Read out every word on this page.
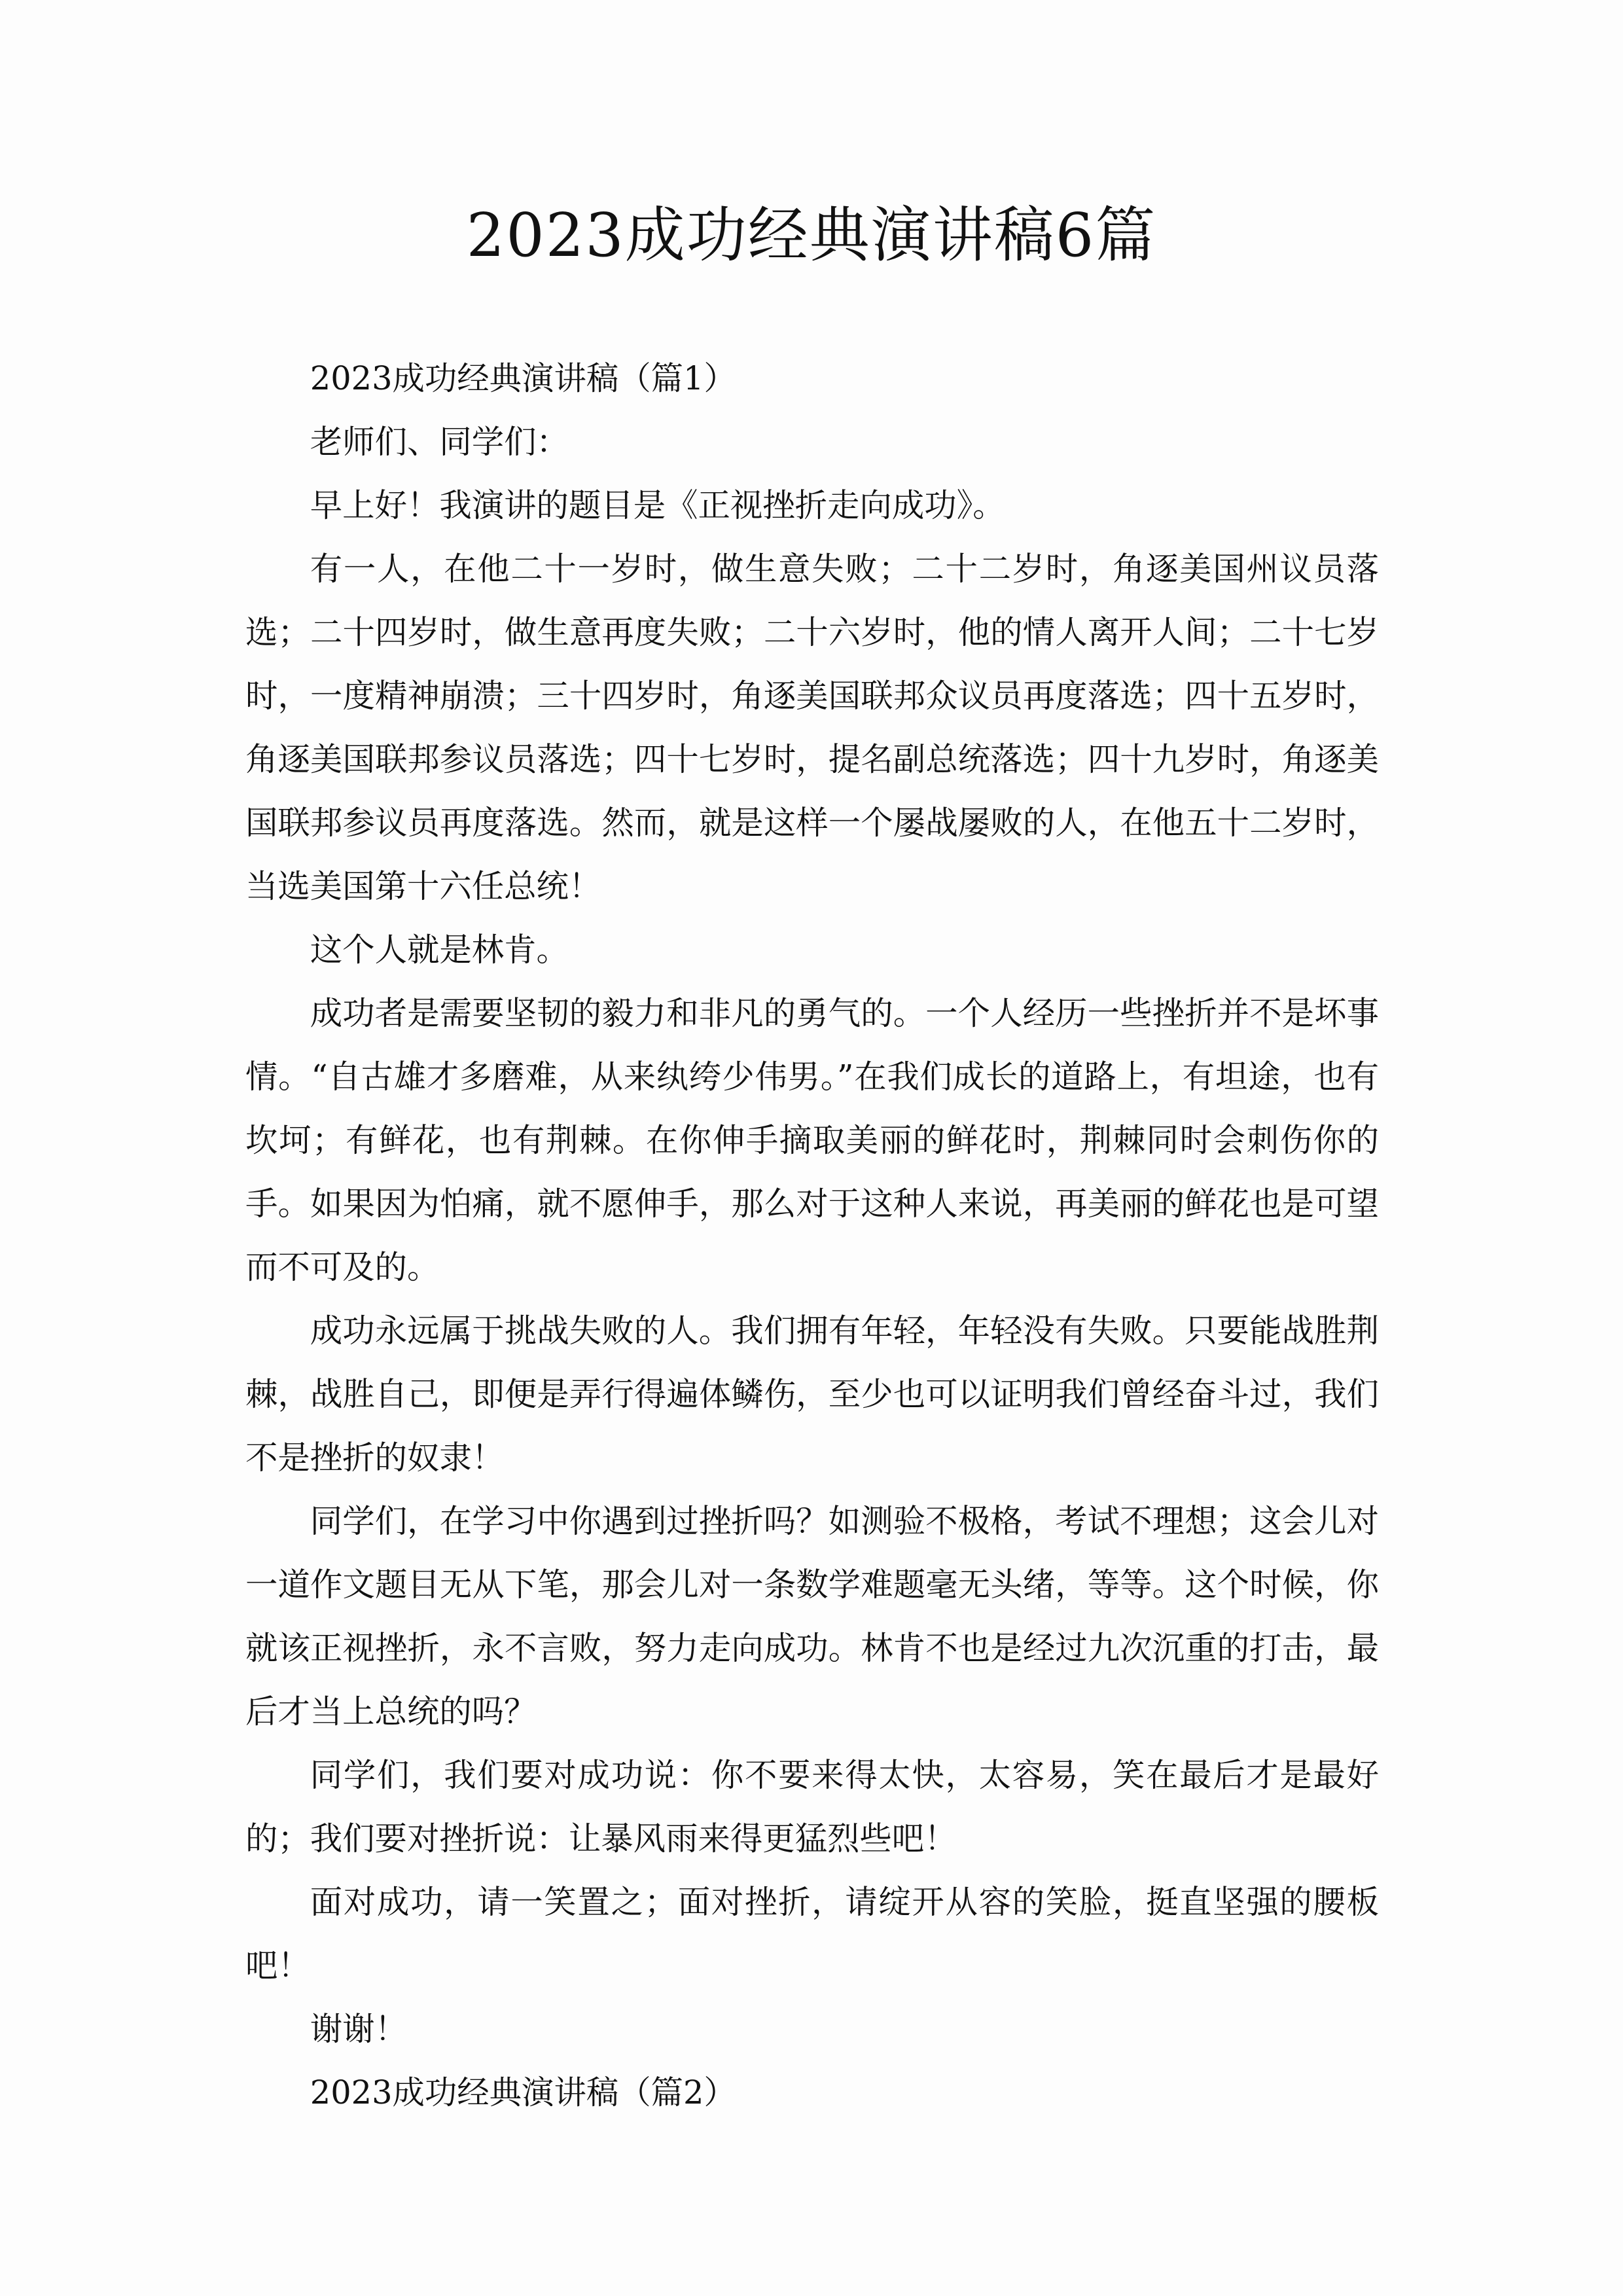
2023成功经典演讲稿6篇

2023成功经典演讲稿（篇1）

老师们、同学们：

早上好！我演讲的题目是《正视挫折走向成功》。

有一人，在他二十一岁时，做生意失败；二十二岁时，角逐美国州议员落选；二十四岁时，做生意再度失败；二十六岁时，他的情人离开人间；二十七岁时，一度精神崩溃；三十四岁时，角逐美国联邦众议员再度落选；四十五岁时，角逐美国联邦参议员落选；四十七岁时，提名副总统落选；四十九岁时，角逐美国联邦参议员再度落选。然而，就是这样一个屡战屡败的人，在他五十二岁时，当选美国第十六任总统！

这个人就是林肯。

成功者是需要坚韧的毅力和非凡的勇气的。一个人经历一些挫折并不是坏事情。“自古雄才多磨难，从来纨绔少伟男。”在我们成长的道路上，有坦途，也有坎坷；有鲜花，也有荆棘。在你伸手摘取美丽的鲜花时，荆棘同时会刺伤你的手。如果因为怕痛，就不愿伸手，那么对于这种人来说，再美丽的鲜花也是可望而不可及的。

成功永远属于挑战失败的人。我们拥有年轻，年轻没有失败。只要能战胜荆棘，战胜自己，即便是弄行得遍体鳞伤，至少也可以证明我们曾经奋斗过，我们不是挫折的奴隶！

同学们，在学习中你遇到过挫折吗？如测验不极格，考试不理想；这会儿对一道作文题目无从下笔，那会儿对一条数学难题毫无头绪，等等。这个时候，你就该正视挫折，永不言败，努力走向成功。林肯不也是经过九次沉重的打击，最后才当上总统的吗？

同学们，我们要对成功说：你不要来得太快，太容易，笑在最后才是最好的；我们要对挫折说：让暴风雨来得更猛烈些吧！

面对成功，请一笑置之；面对挫折，请绽开从容的笑脸，挺直坚强的腰板吧！

谢谢！

2023成功经典演讲稿（篇2）
